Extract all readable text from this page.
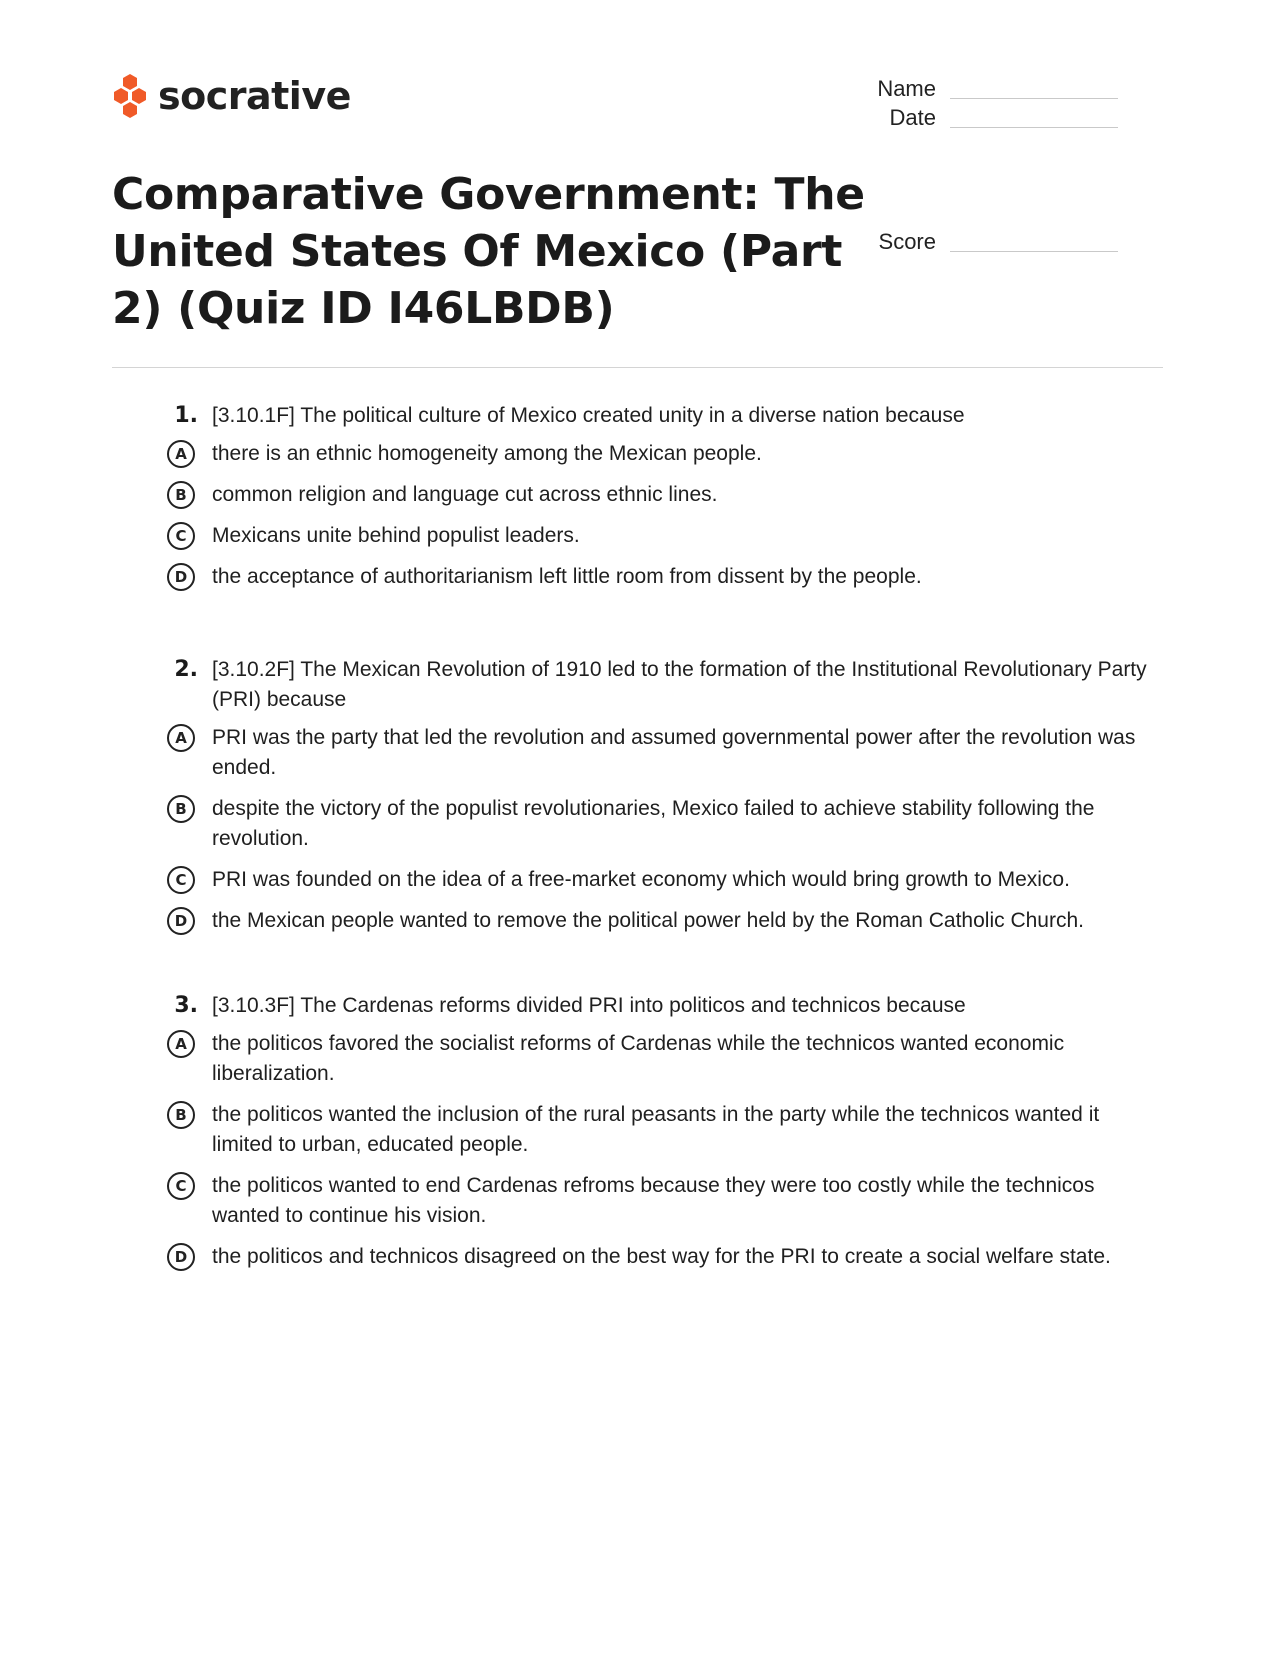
socrative	Name
Date
Score
Comparative Government: The United States Of Mexico (Part 2) (Quiz ID I46LBDB)
1. [3.10.1F] The political culture of Mexico created unity in a diverse nation because
A	there is an ethnic homogeneity among the Mexican people.
B	common religion and language cut across ethnic lines.
C	Mexicans unite behind populist leaders.
D	the acceptance of authoritarianism left little room from dissent by the people.
2. [3.10.2F] The Mexican Revolution of 1910 led to the formation of the Institutional Revolutionary Party (PRI) because
A	PRI was the party that led the revolution and assumed governmental power after the revolution was ended.
B	despite the victory of the populist revolutionaries, Mexico failed to achieve stability following the revolution.
C	PRI was founded on the idea of a free-market economy which would bring growth to Mexico.
D	the Mexican people wanted to remove the political power held by the Roman Catholic Church.
3. [3.10.3F] The Cardenas reforms divided PRI into politicos and technicos because
A	the politicos favored the socialist reforms of Cardenas while the technicos wanted economic liberalization.
B	the politicos wanted the inclusion of the rural peasants in the party while the technicos wanted it limited to urban, educated people.
C	the politicos wanted to end Cardenas refroms because they were too costly while the technicos wanted to continue his vision.
D	the politicos and technicos disagreed on the best way for the PRI to create a social welfare state.
